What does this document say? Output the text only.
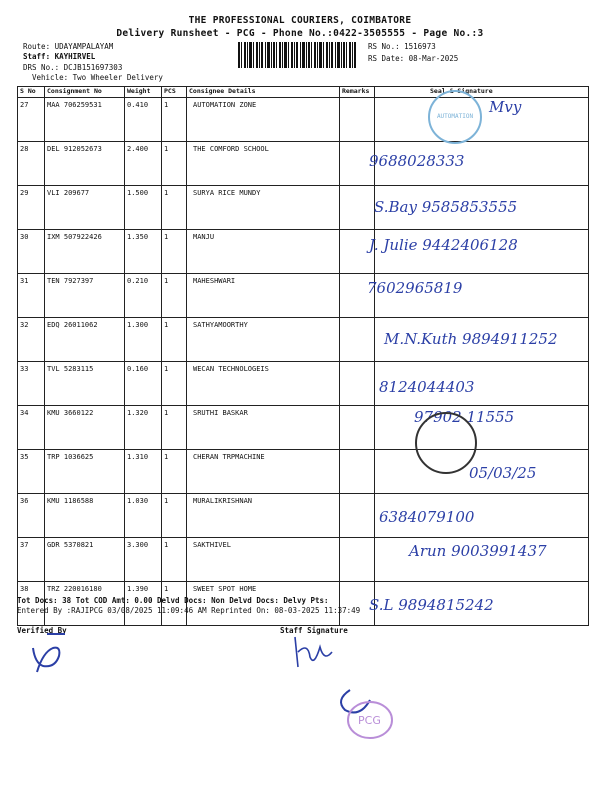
THE PROFESSIONAL COURIERS, COIMBATORE
Delivery Runsheet - PCG - Phone No.:0422-3505555 - Page No.:3
Route: UDAYAMPALAYAM
Staff: KAYHIRVEL
DRS No.: DCJB151697303
Vehicle: Two Wheeler Delivery
RS No.: 1516973
RS Date: 08-Mar-2025
S No	Consignment No	Weight	PCS	Consignee Details	Remarks	Seal & Signature
27	MAA 706259531	0.410	1	AUTOMATION ZONE		Mvy

28	DEL 912052673	2.400	1	THE COMFORD SCHOOL		9688028333

29	VLI 209677	1.500	1	SURYA RICE MUNDY		S.Bay 9585853555

30	IXM 507922426	1.350	1	MANJU		J. Julie 9442406128

31	TEN 7927397	0.210	1	MAHESHWARI		7602965819

32	EDQ 26011062	1.300	1	SATHYAMOORTHY		M.N.Kuth 9894911252

33	TVL 5283115	0.160	1	WECAN TECHNOLOGEIS		8124044403

34	KMU 3660122	1.320	1	SRUTHI BASKAR		97902 11555

35	TRP 1036625	1.310	1	CHERAN TRPMACHINE		05/03/25

36	KMU 1186588	1.030	1	MURALIKRISHNAN		6384079100

37	GDR 5370821	3.300	1	SAKTHIVEL		Arun 9003991437

38	TRZ 220016180	1.390	1	SWEET SPOT HOME		S.L 9894815242
AUTOMATION
Tot Docs: 38 Tot COD Amt: 0.00 Delvd Docs: Non Delvd Docs: Delvy Pts:
Entered By :RAJIPCG 03/08/2025 11:09:46 AM Reprinted On: 08-03-2025 11:37:49
Verified By	Staff Signature
PCG
